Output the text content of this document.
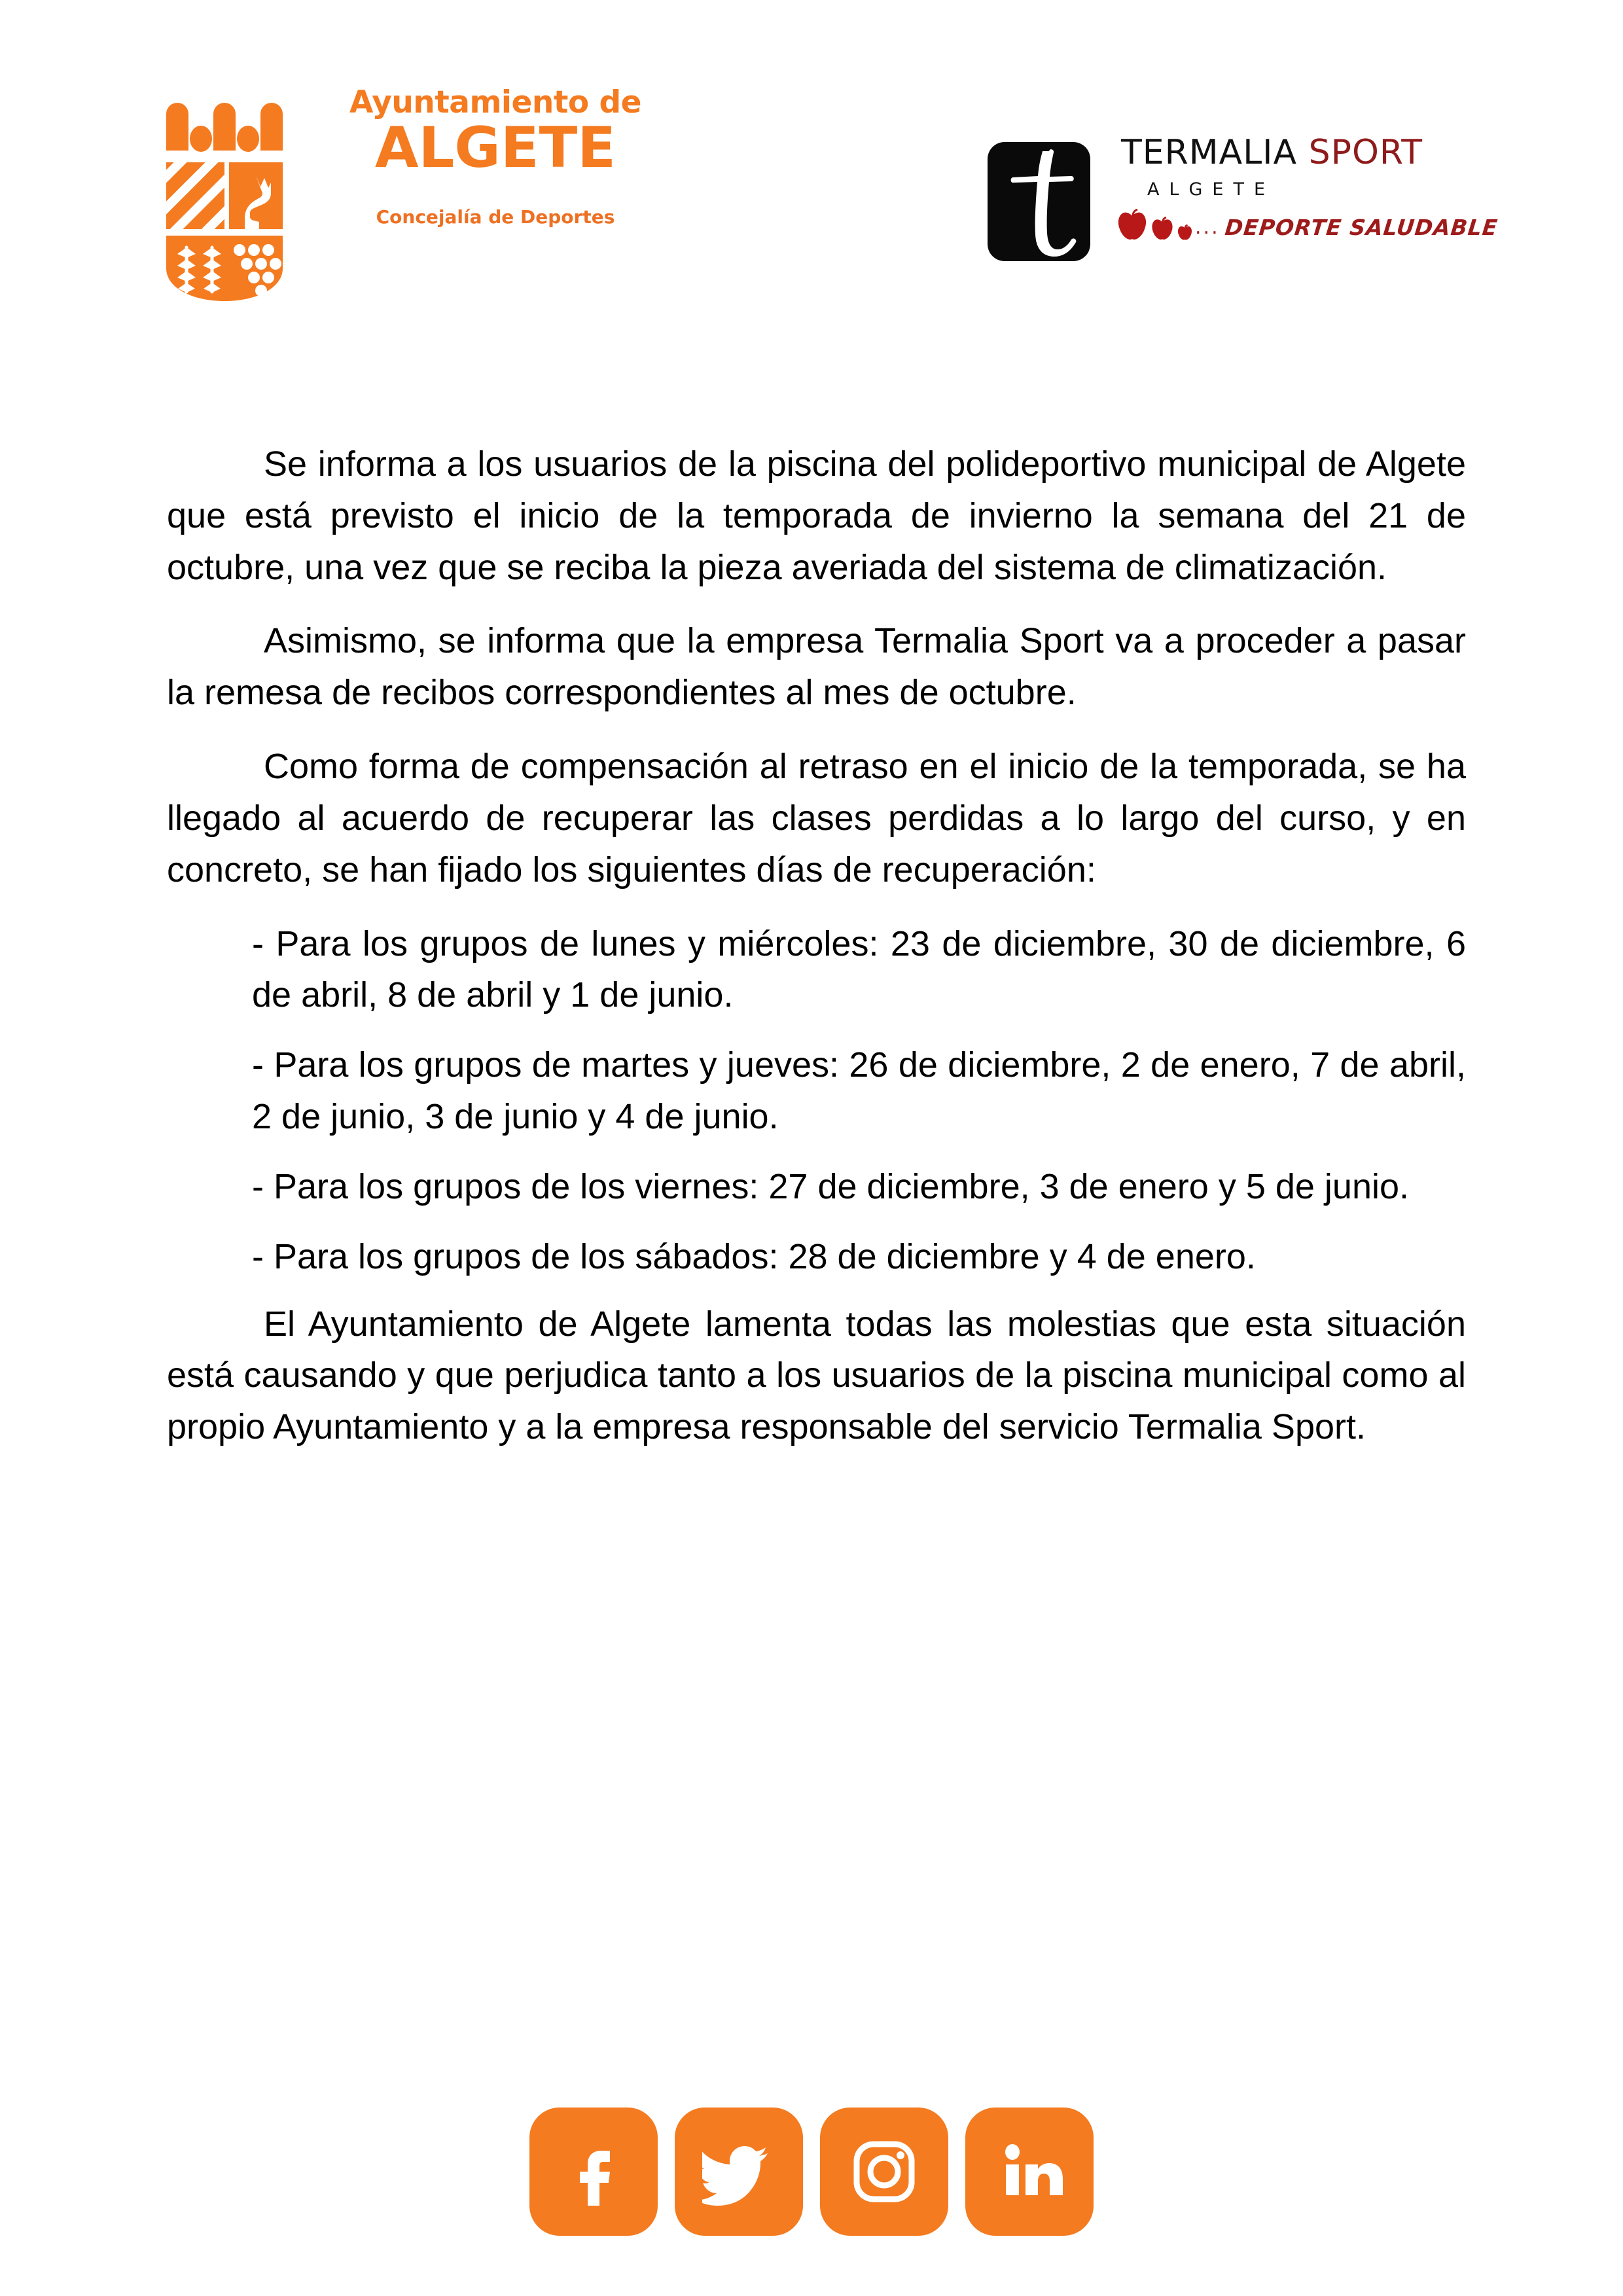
Ayuntamiento de
ALGETE
Concejalía de Deportes
TERMALIA SPORT
ALGETE
... DEPORTE SALUDABLE

Se informa a los usuarios de la piscina del polideportivo municipal de Algete que está previsto el inicio de la temporada de invierno la semana del 21 de octubre, una vez que se reciba la pieza averiada del sistema de climatización.

Asimismo, se informa que la empresa Termalia Sport va a proceder a pasar la remesa de recibos correspondientes al mes de octubre.

Como forma de compensación al retraso en el inicio de la temporada, se ha llegado al acuerdo de recuperar las clases perdidas a lo largo del curso, y en concreto, se han fijado los siguientes días de recuperación:

- Para los grupos de lunes y miércoles: 23 de diciembre, 30 de diciembre, 6 de abril, 8 de abril y 1 de junio.
- Para los grupos de martes y jueves: 26 de diciembre, 2 de enero, 7 de abril, 2 de junio, 3 de junio y 4 de junio.
- Para los grupos de los viernes: 27 de diciembre, 3 de enero y 5 de junio.
- Para los grupos de los sábados: 28 de diciembre y 4 de enero.

El Ayuntamiento de Algete lamenta todas las molestias que esta situación está causando y que perjudica tanto a los usuarios de la piscina municipal como al propio Ayuntamiento y a la empresa responsable del servicio Termalia Sport.
